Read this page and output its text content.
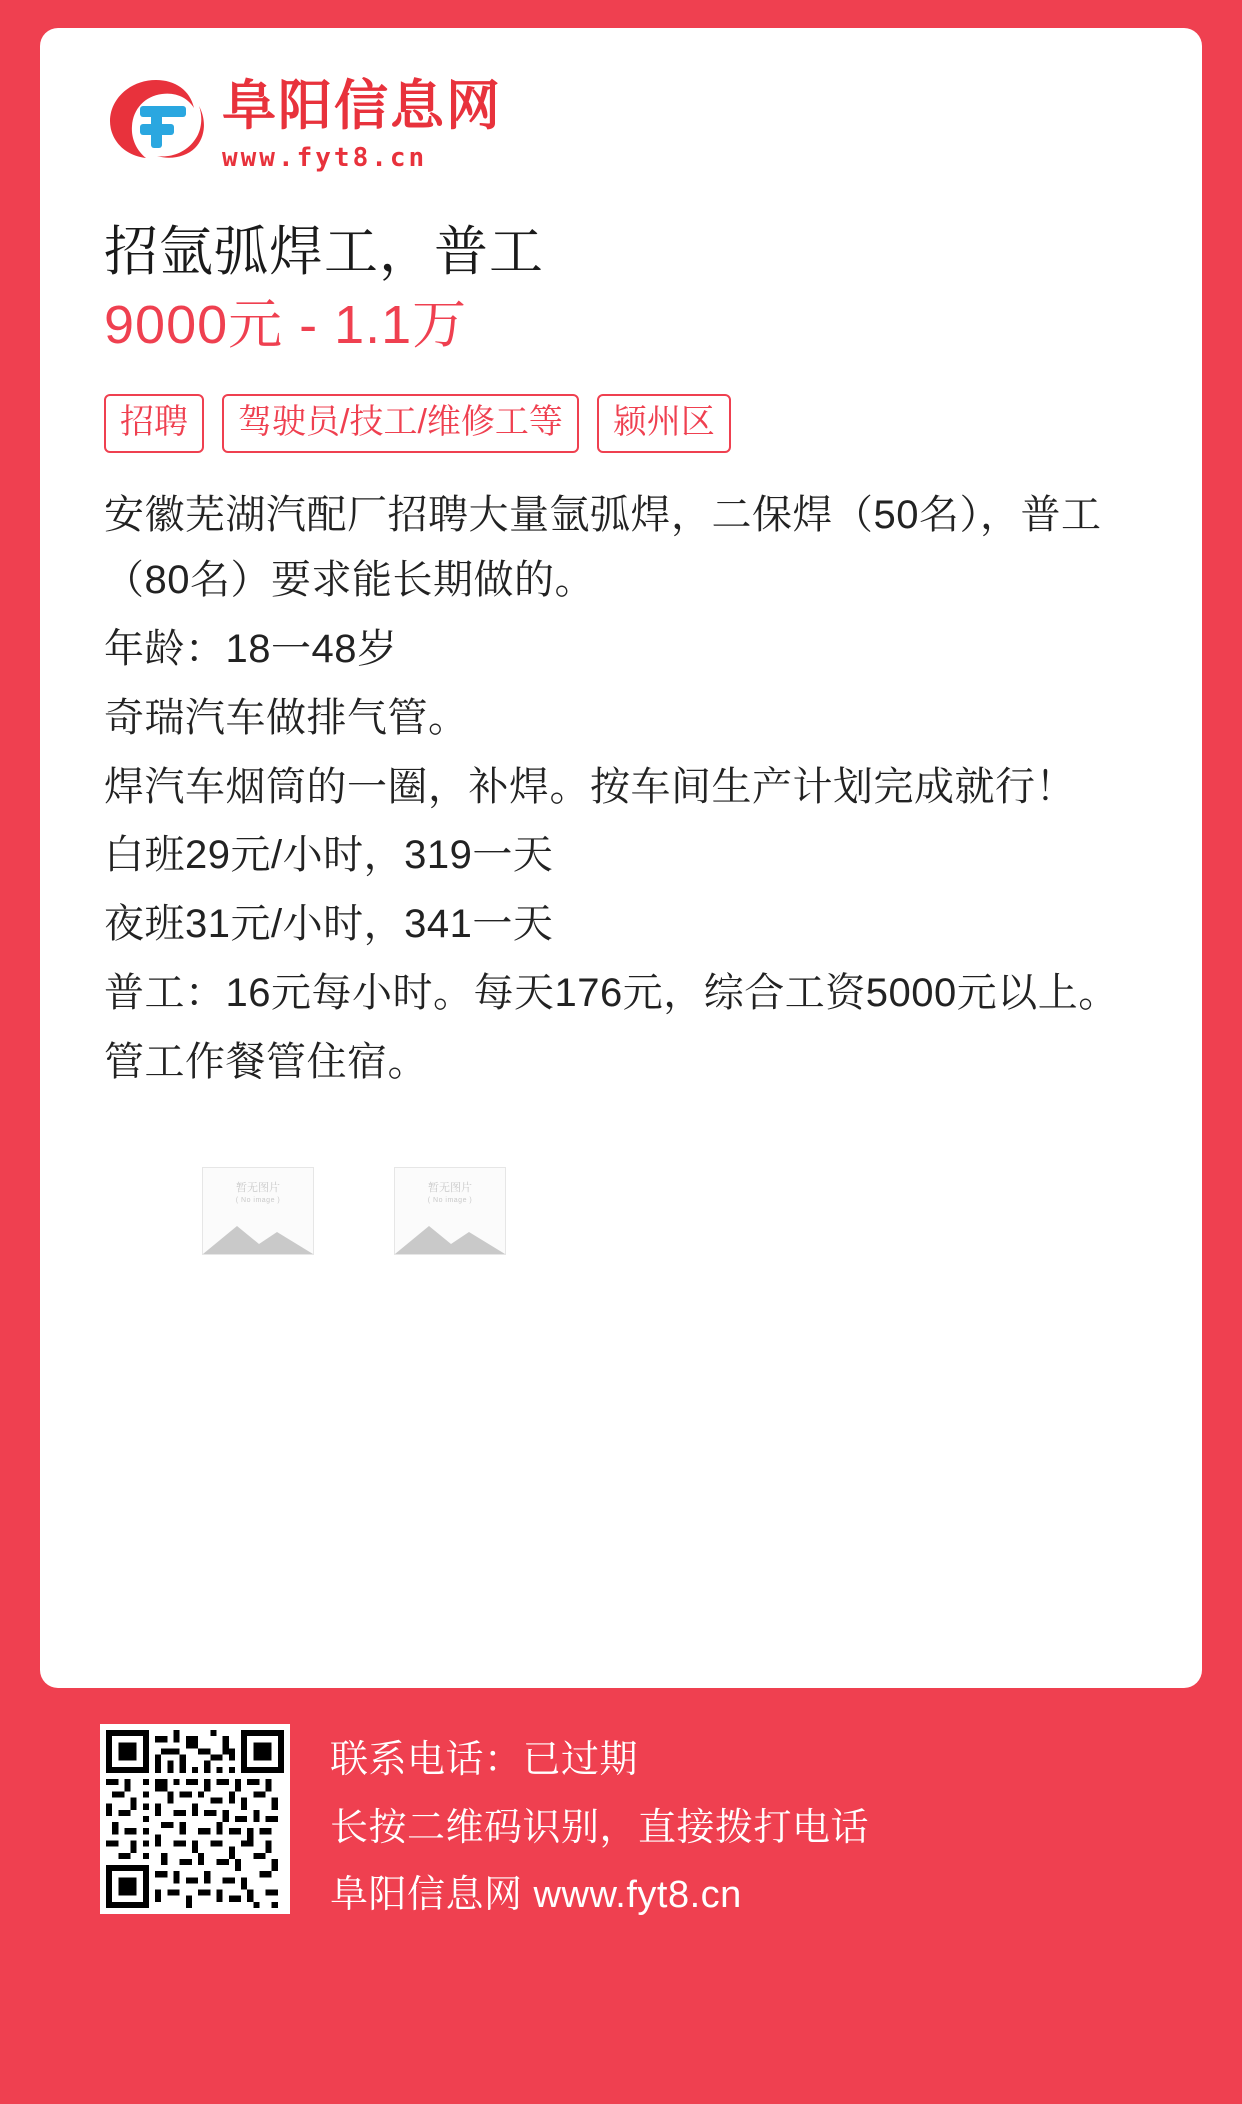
阜阳信息网
www.fyt8.cn
招氩弧焊工，普工
9000元 - 1.1万
招聘	驾驶员/技工/维修工等	颍州区

安徽芜湖汽配厂招聘大量氩弧焊，二保焊（50名），普工（80名）要求能长期做的。

年龄：18一48岁

奇瑞汽车做排气管。

焊汽车烟筒的一圈，补焊。按车间生产计划完成就行！

白班29元/小时，319一天

夜班31元/小时，341一天

普工：16元每小时。每天176元，综合工资5000元以上。

管工作餐管住宿。

暂无图片
( No image )
暂无图片
( No image )

联系电话：已过期

长按二维码识别，直接拨打电话

阜阳信息网 www.fyt8.cn
